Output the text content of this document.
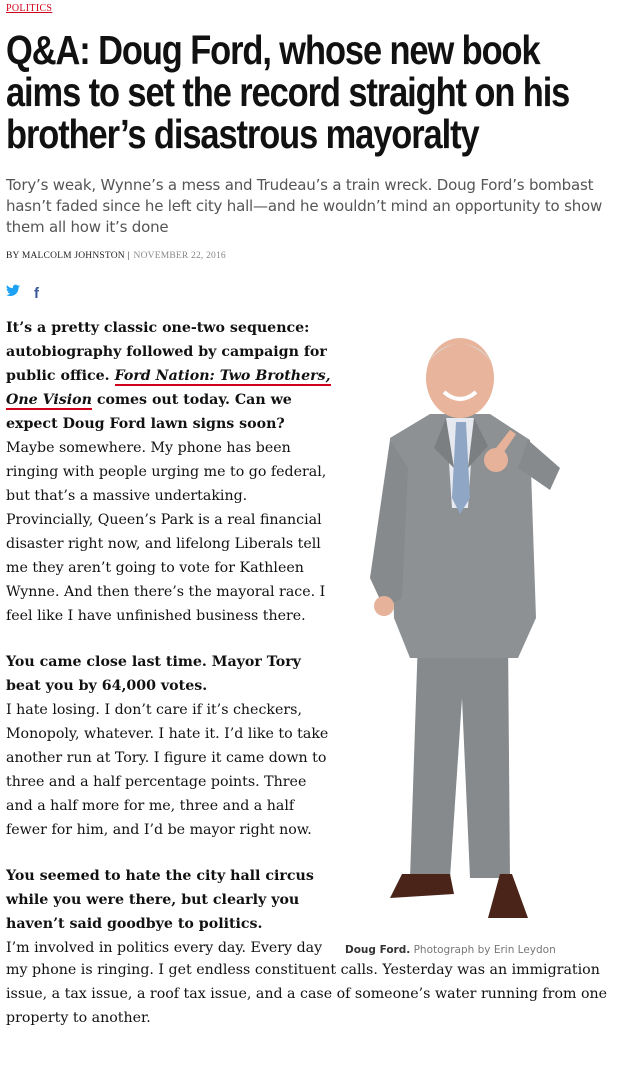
POLITICS
Q&A: Doug Ford, whose new book aims to set the record straight on his brother’s disastrous mayoralty

Tory’s weak, Wynne’s a mess and Trudeau’s a train wreck. Doug Ford’s bombast hasn’t faded since he left city hall—and he wouldn’t mind an opportunity to show them all how it’s done

BY MALCOLM JOHNSTON | NOVEMBER 22, 2016
f

It’s a pretty classic one-two sequence: autobiography followed by campaign for public office. Ford Nation: Two Brothers, One Vision comes out today. Can we expect Doug Ford lawn signs soon?

Maybe somewhere. My phone has been ringing with people urging me to go federal, but that’s a massive undertaking. Provincially, Queen’s Park is a real financial disaster right now, and lifelong Liberals tell me they aren’t going to vote for Kathleen Wynne. And then there’s the mayoral race. I feel like I have unfinished business there.

You came close last time. Mayor Tory beat you by 64,000 votes.

I hate losing. I don’t care if it’s checkers, Monopoly, whatever. I hate it. I’d like to take another run at Tory. I figure it came down to three and a half percentage points. Three and a half more for me, three and a half fewer for him, and I’d be mayor right now.

You seemed to hate the city hall circus while you were there, but clearly you haven’t said goodbye to politics.

I’m involved in politics every day. Every day

my phone is ringing. I get endless constituent calls. Yesterday was an immigration issue, a tax issue, a roof tax issue, and a case of someone’s water running from one property to another.

Doug Ford. Photograph by Erin Leydon
